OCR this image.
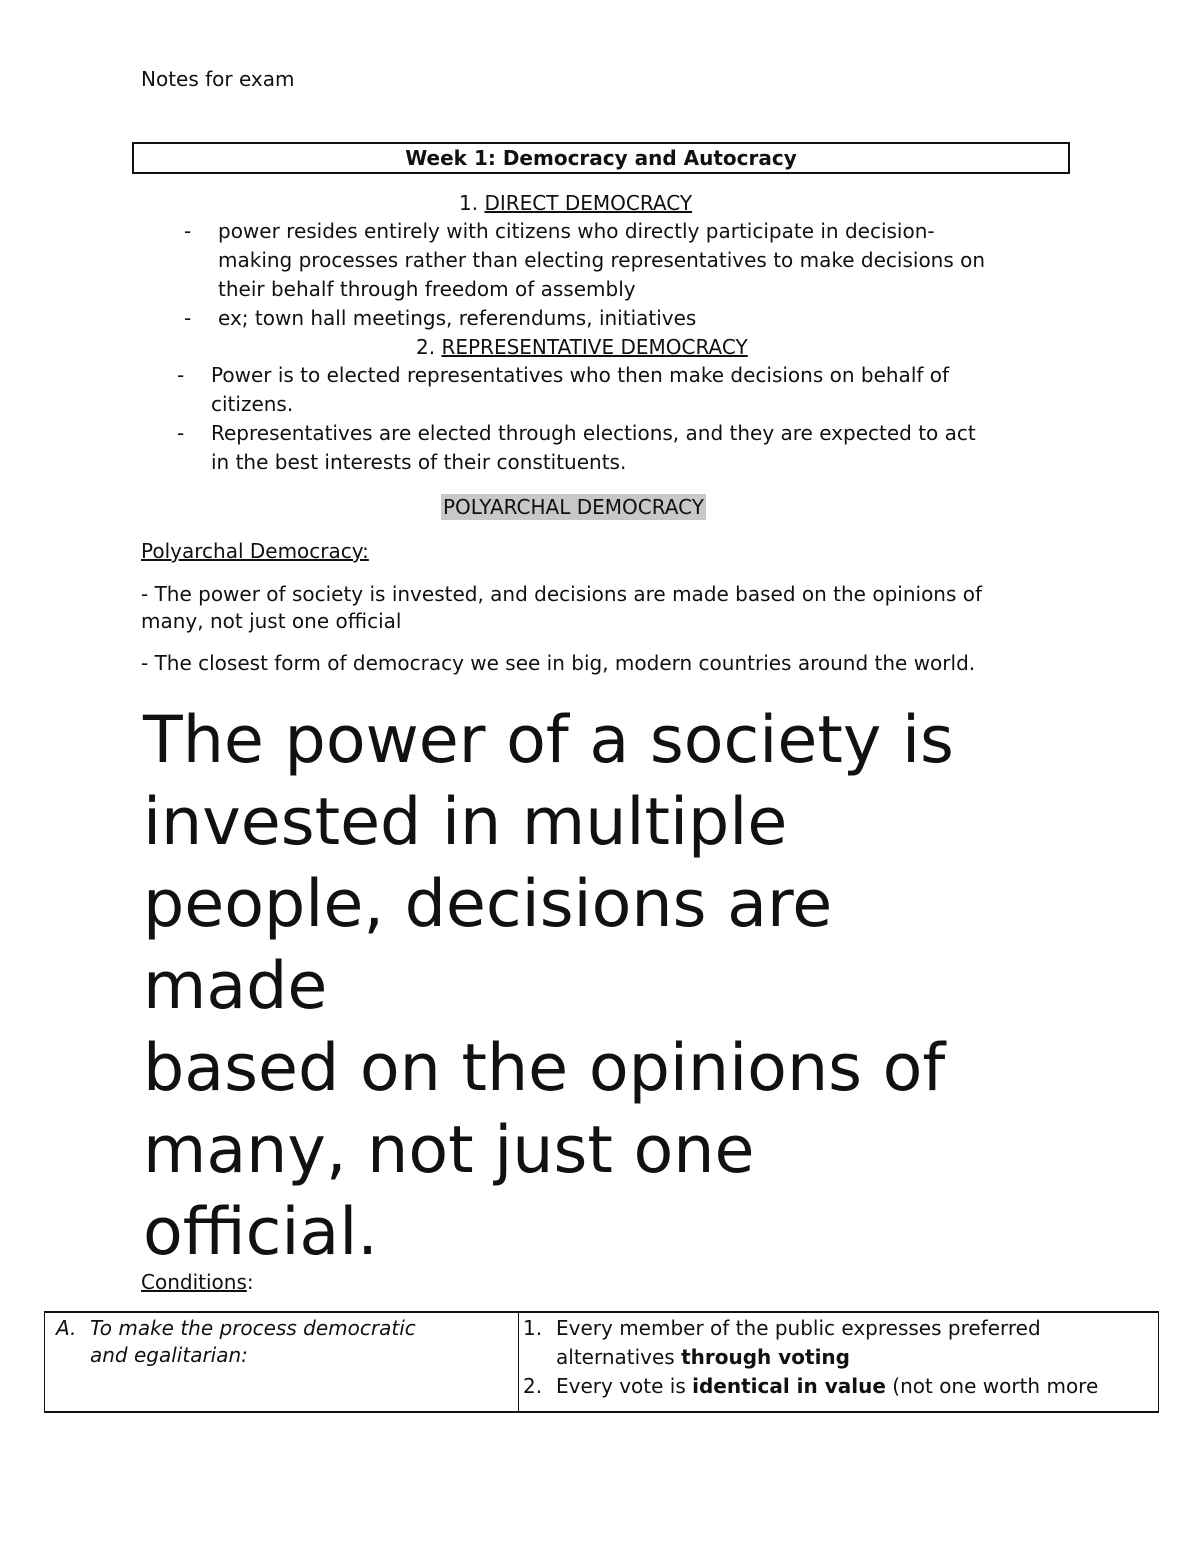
Notes for exam
Week 1: Democracy and Autocracy
1. DIRECT DEMOCRACY
- power resides entirely with citizens who directly participate in decision-
making processes rather than electing representatives to make decisions on
their behalf through freedom of assembly
- ex; town hall meetings, referendums, initiatives
2. REPRESENTATIVE DEMOCRACY
- Power is to elected representatives who then make decisions on behalf of
citizens.
- Representatives are elected through elections, and they are expected to act
in the best interests of their constituents.
POLYARCHAL DEMOCRACY
Polyarchal Democracy:
- The power of society is invested, and decisions are made based on the opinions of
many, not just one official
- The closest form of democracy we see in big, modern countries around the world.
The power of a society is
invested in multiple
people, decisions are
made
based on the opinions of
many, not just one
official.
Conditions:
A. To make the process democratic
and egalitarian:
1. Every member of the public expresses preferred
alternatives through voting
2. Every vote is identical in value (not one worth more
